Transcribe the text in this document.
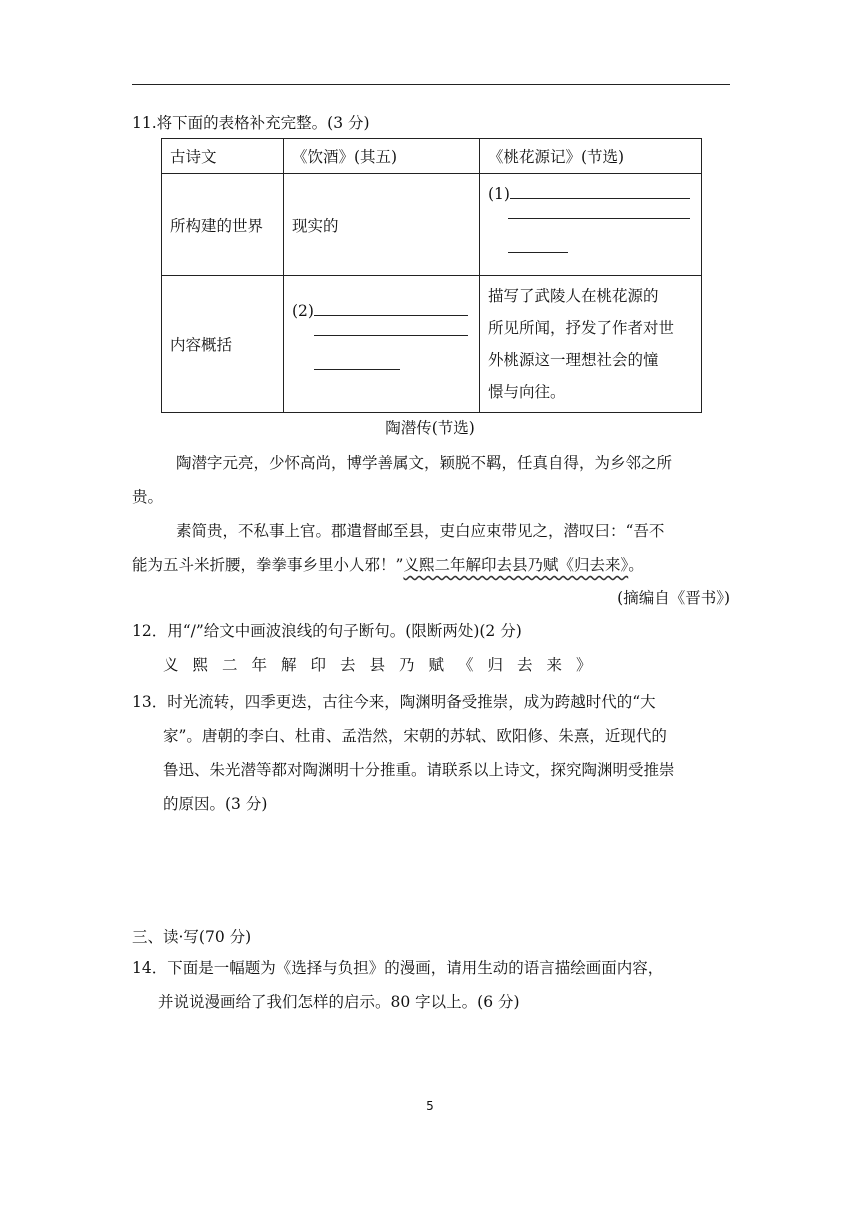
11.将下面的表格补充完整。(3 分)
古诗文	《饮酒》(其五)	《桃花源记》(节选)
所构建的世界	现实的	(1)

内容概括	(2)	描写了武陵人在桃花源的
所见所闻，抒发了作者对世
外桃源这一理想社会的憧
憬与向往。
陶潜传(节选)
陶潜字元亮，少怀高尚，博学善属文，颖脱不羁，任真自得，为乡邻之所
贵。
素简贵，不私事上官。郡遣督邮至县，吏白应束带见之，潜叹曰：“吾不
能为五斗米折腰，拳拳事乡里小人邪！”义熙二年解印去县乃赋《归去来》。
(摘编自《晋书》)
12．用“/”给文中画波浪线的句子断句。(限断两处)(2 分)
义熙二年解印去县乃赋《归去来》
13．时光流转，四季更迭，古往今来，陶渊明备受推崇，成为跨越时代的“大
家”。唐朝的李白、杜甫、孟浩然，宋朝的苏轼、欧阳修、朱熹，近现代的
鲁迅、朱光潜等都对陶渊明十分推重。请联系以上诗文，探究陶渊明受推崇
的原因。(3 分)
三、读·写(70 分)
14．下面是一幅题为《选择与负担》的漫画，请用生动的语言描绘画面内容，
并说说漫画给了我们怎样的启示。80 字以上。(6 分)
5
